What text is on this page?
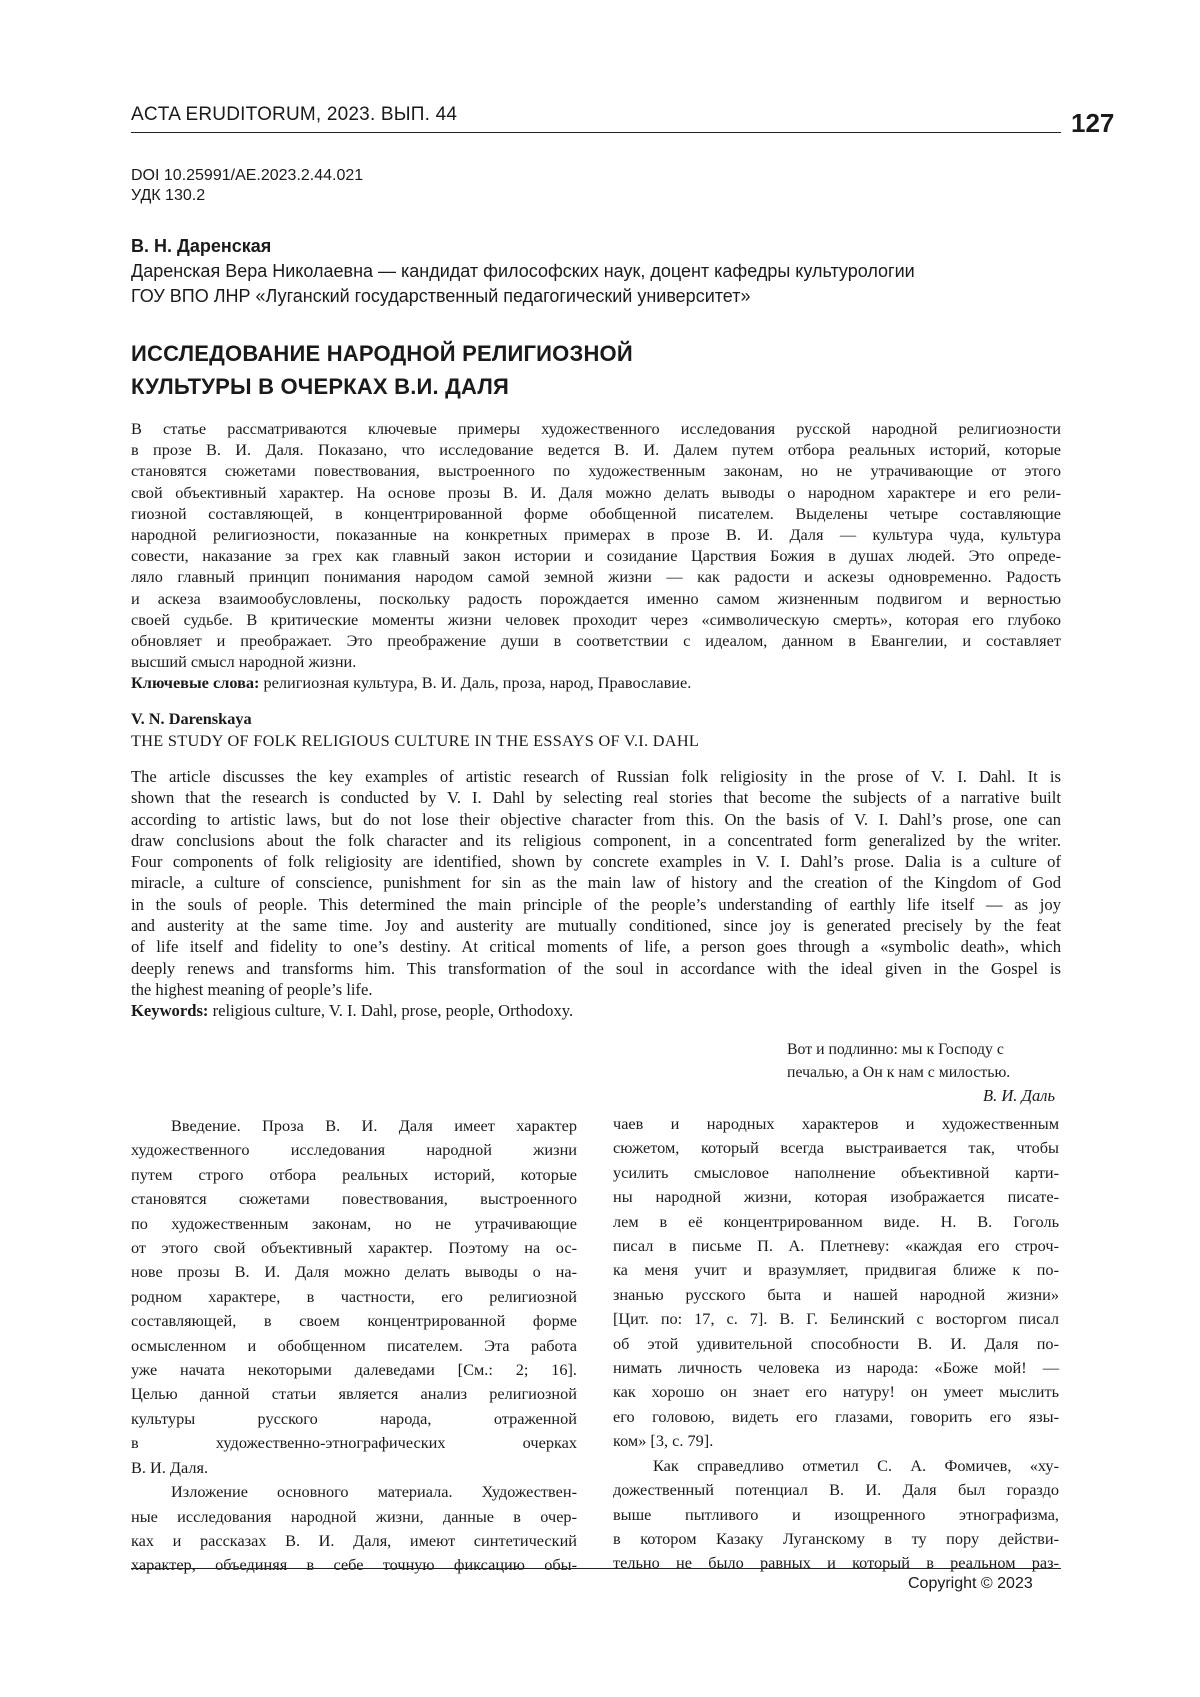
ACTA ERUDITORUM, 2023. ВЫП. 44	127
DOI 10.25991/AE.2023.2.44.021
УДК 130.2
В. Н. Даренская
Даренская Вера Николаевна — кандидат философских наук, доцент кафедры культурологии
ГОУ ВПО ЛНР «Луганский государственный педагогический университет»
ИССЛЕДОВАНИЕ НАРОДНОЙ РЕЛИГИОЗНОЙ
КУЛЬТУРЫ В ОЧЕРКАХ В.И. ДАЛЯ
В статье рассматриваются ключевые примеры художественного исследования русской народной религиозности
в прозе В. И. Даля. Показано, что исследование ведется В. И. Далем путем отбора реальных историй, которые
становятся сюжетами повествования, выстроенного по художественным законам, но не утрачивающие от этого
свой объективный характер. На основе прозы В. И. Даля можно делать выводы о народном характере и его рели-
гиозной составляющей, в концентрированной форме обобщенной писателем. Выделены четыре составляющие
народной религиозности, показанные на конкретных примерах в прозе В. И. Даля — культура чуда, культура
совести, наказание за грех как главный закон истории и созидание Царствия Божия в душах людей. Это опреде-
ляло главный принцип понимания народом самой земной жизни — как радости и аскезы одновременно. Радость
и аскеза взаимообусловлены, поскольку радость порождается именно самом жизненным подвигом и верностью
своей судьбе. В критические моменты жизни человек проходит через «символическую смерть», которая его глубоко
обновляет и преображает. Это преображение души в соответствии с идеалом, данном в Евангелии, и составляет
высший смысл народной жизни.
Ключевые слова: религиозная культура, В. И. Даль, проза, народ, Православие.
V. N. Darenskaya
THE STUDY OF FOLK RELIGIOUS CULTURE IN THE ESSAYS OF V.I. DAHL
The article discusses the key examples of artistic research of Russian folk religiosity in the prose of V. I. Dahl. It is
shown that the research is conducted by V. I. Dahl by selecting real stories that become the subjects of a narrative built
according to artistic laws, but do not lose their objective character from this. On the basis of V. I. Dahl’s prose, one can
draw conclusions about the folk character and its religious component, in a concentrated form generalized by the writer.
Four components of folk religiosity are identified, shown by concrete examples in V. I. Dahl’s prose. Dalia is a culture of
miracle, a culture of conscience, punishment for sin as the main law of history and the creation of the Kingdom of God
in the souls of people. This determined the main principle of the people’s understanding of earthly life itself — as joy
and austerity at the same time. Joy and austerity are mutually conditioned, since joy is generated precisely by the feat
of life itself and fidelity to one’s destiny. At critical moments of life, a person goes through a «symbolic death», which
deeply renews and transforms him. This transformation of the soul in accordance with the ideal given in the Gospel is
the highest meaning of people’s life.
Keywords: religious culture, V. I. Dahl, prose, people, Orthodoxy.
Вот и подлинно: мы к Господу с
печалью, а Он к нам с милостью.
В. И. Даль
Введение. Проза В. И. Даля имеет характер
художественного исследования народной жизни
путем строго отбора реальных историй, которые
становятся сюжетами повествования, выстроенного
по художественным законам, но не утрачивающие
от этого свой объективный характер. Поэтому на ос-
нове прозы В. И. Даля можно делать выводы о на-
родном характере, в частности, его религиозной
составляющей, в своем концентрированной форме
осмысленном и обобщенном писателем. Эта работа
уже начата некоторыми далеведами [См.: 2; 16].
Целью данной статьи является анализ религиозной
культуры русского народа, отраженной
в художественно-этнографических очерках
В. И. Даля.
Изложение основного материала. Художествен-
ные исследования народной жизни, данные в очер-
ках и рассказах В. И. Даля, имеют синтетический
характер, объединяя в себе точную фиксацию обы-
чаев и народных характеров и художественным
сюжетом, который всегда выстраивается так, чтобы
усилить смысловое наполнение объективной карти-
ны народной жизни, которая изображается писате-
лем в её концентрированном виде. Н. В. Гоголь
писал в письме П. А. Плетневу: «каждая его строч-
ка меня учит и вразумляет, придвигая ближе к по-
знанью русского быта и нашей народной жизни»
[Цит. по: 17, с. 7]. В. Г. Белинский с восторгом писал
об этой удивительной способности В. И. Даля по-
нимать личность человека из народа: «Боже мой! —
как хорошо он знает его натуру! он умеет мыслить
его головою, видеть его глазами, говорить его язы-
ком» [3, с. 79].
Как справедливо отметил С. А. Фомичев, «ху-
дожественный потенциал В. И. Даля был гораздо
выше пытливого и изощренного этнографизма,
в котором Казаку Луганскому в ту пору действи-
тельно не было равных и который в реальном раз-
Copyright © 2023
